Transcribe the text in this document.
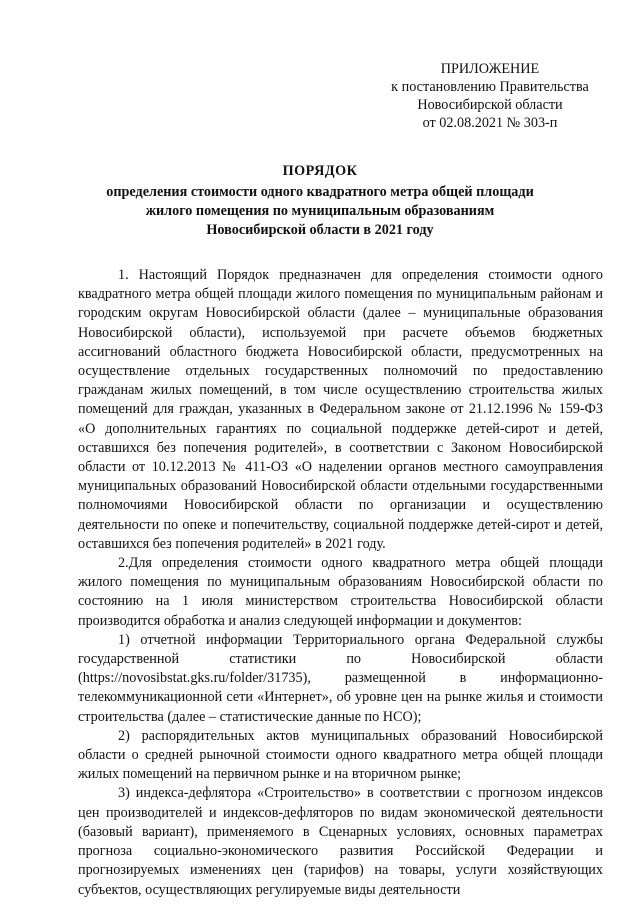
ПРИЛОЖЕНИЕ
к постановлению Правительства
Новосибирской области
от 02.08.2021 № 303-п
ПОРЯДОК
определения стоимости одного квадратного метра общей площади
жилого помещения по муниципальным образованиям
Новосибирской области в 2021 году

1. Настоящий Порядок предназначен для определения стоимости одного квадратного метра общей площади жилого помещения по муниципальным районам и городским округам Новосибирской области (далее – муниципальные образования Новосибирской области), используемой при расчете объемов бюджетных ассигнований областного бюджета Новосибирской области, предусмотренных на осуществление отдельных государственных полномочий по предоставлению гражданам жилых помещений, в том числе осуществлению строительства жилых помещений для граждан, указанных в Федеральном законе от 21.12.1996 № 159-ФЗ «О дополнительных гарантиях по социальной поддержке детей-сирот и детей, оставшихся без попечения родителей», в соответствии с Законом Новосибирской области от 10.12.2013 № 411-ОЗ «О наделении органов местного самоуправления муниципальных образований Новосибирской области отдельными государственными полномочиями Новосибирской области по организации и осуществлению деятельности по опеке и попечительству, социальной поддержке детей-сирот и детей, оставшихся без попечения родителей» в 2021 году.

2.Для определения стоимости одного квадратного метра общей площади жилого помещения по муниципальным образованиям Новосибирской области по состоянию на 1 июля министерством строительства Новосибирской области производится обработка и анализ следующей информации и документов:

1) отчетной информации Территориального органа Федеральной службы государственной статистики по Новосибирской области (https://novosibstat.gks.ru/folder/31735), размещенной в информационно-телекоммуникационной сети «Интернет», об уровне цен на рынке жилья и стоимости строительства (далее – статистические данные по НСО);

2) распорядительных актов муниципальных образований Новосибирской области о средней рыночной стоимости одного квадратного метра общей площади жилых помещений на первичном рынке и на вторичном рынке;

3) индекса-дефлятора «Строительство» в соответствии с прогнозом индексов цен производителей и индексов-дефляторов по видам экономической деятельности (базовый вариант), применяемого в Сценарных условиях, основных параметрах прогноза социально-экономического развития Российской Федерации и прогнозируемых изменениях цен (тарифов) на товары, услуги хозяйствующих субъектов, осуществляющих регулируемые виды деятельности
